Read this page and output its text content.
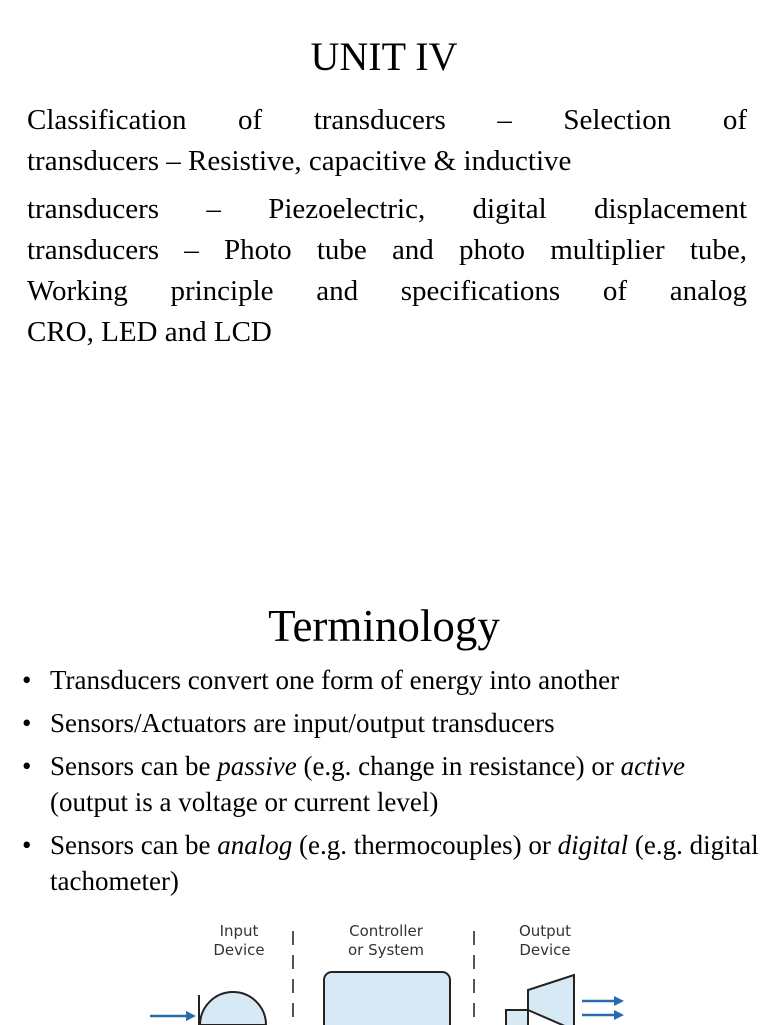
UNIT IV
Classification of transducers – Selection of
transducers – Resistive, capacitive & inductive
transducers – Piezoelectric, digital displacement
transducers – Photo tube and photo multiplier tube,
Working principle and specifications of analog
CRO, LED and LCD
Terminology
• Transducers convert one form of energy into another
• Sensors/Actuators are input/output transducers
• Sensors can be passive (e.g. change in resistance) or active (output is a voltage or current level)
• Sensors can be analog (e.g. thermocouples) or digital (e.g. digital tachometer)
Input
Device
Controller
or System
Output
Device
